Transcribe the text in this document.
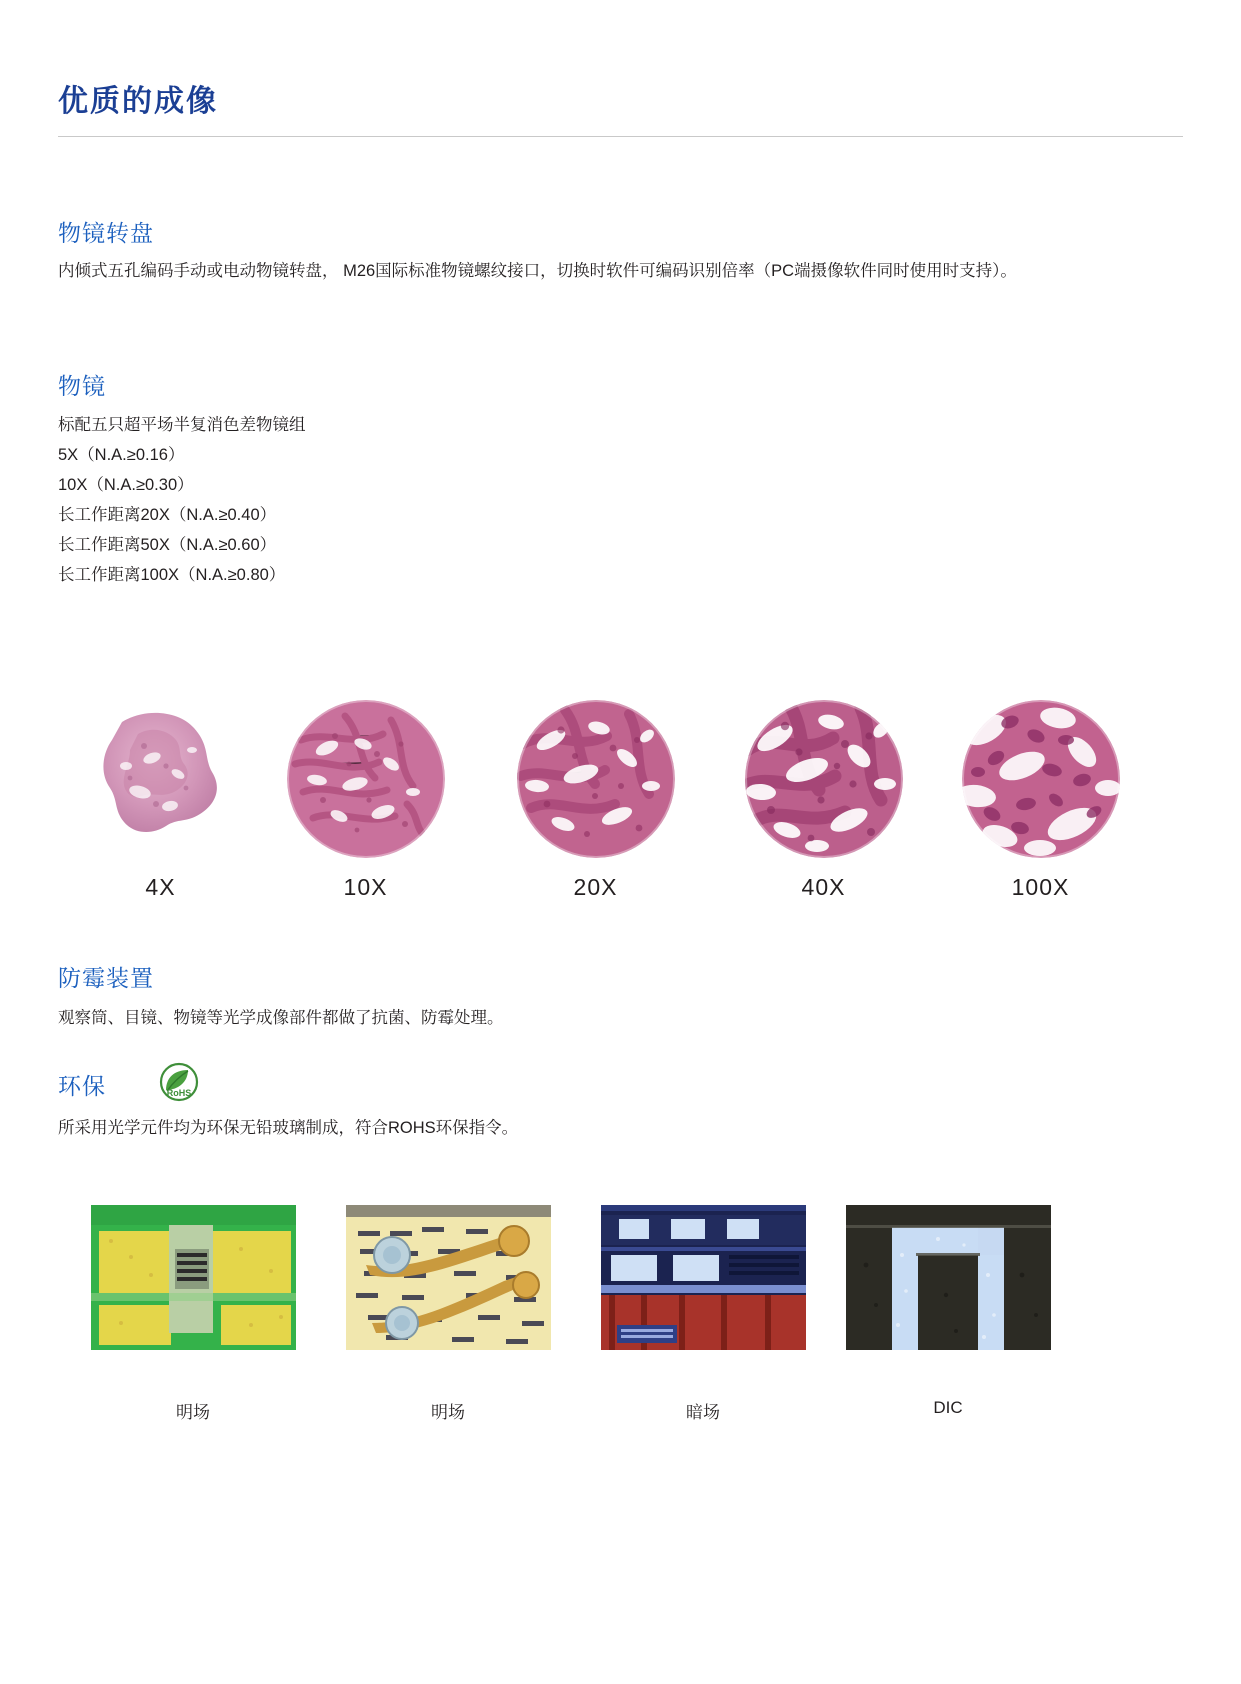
优质的成像
物镜转盘
内倾式五孔编码手动或电动物镜转盘， M26国际标准物镜螺纹接口，切换时软件可编码识别倍率（PC端摄像软件同时使用时支持）。
物镜
标配五只超平场半复消色差物镜组
5X（N.A.≥0.16）
10X（N.A.≥0.30）
长工作距离20X（N.A.≥0.40）
长工作距离50X（N.A.≥0.60）
长工作距离100X（N.A.≥0.80）
4X	10X	20X	40X	100X
防霉装置
观察筒、目镜、物镜等光学成像部件都做了抗菌、防霉处理。
环保	RoHS
所采用光学元件均为环保无铅玻璃制成，符合ROHS环保指令。
明场	明场	暗场	DIC
